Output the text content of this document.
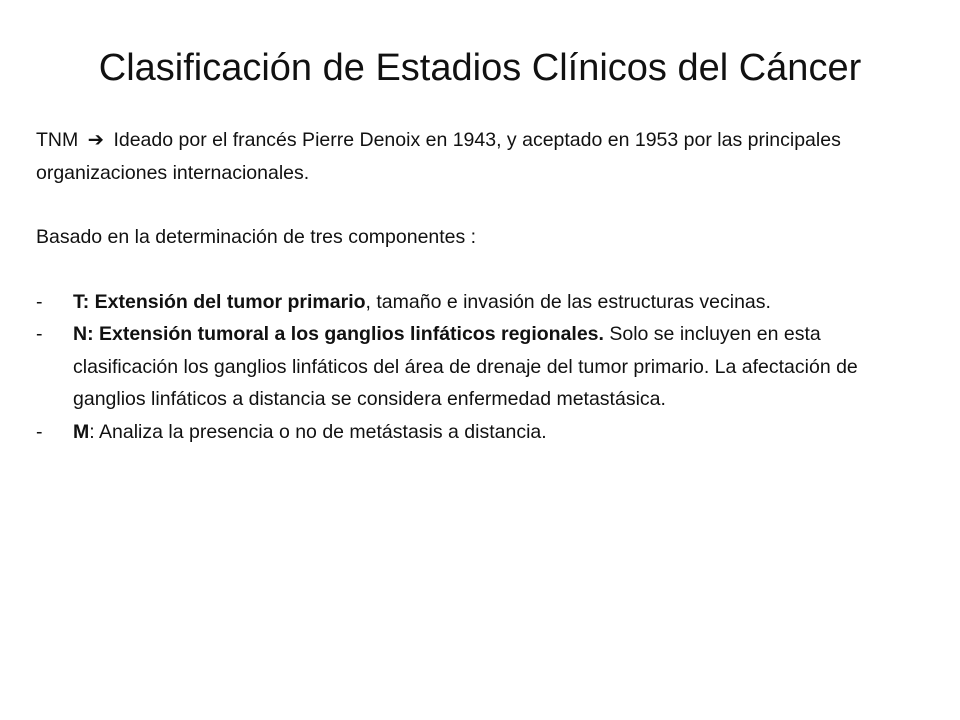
Clasificación de Estadios Clínicos del Cáncer

TNM ➔ Ideado por el francés Pierre Denoix en 1943, y aceptado en 1953 por las principales organizaciones internacionales.

Basado en la determinación de tres componentes :

- T: Extensión del tumor primario, tamaño e invasión de las estructuras vecinas.
- N: Extensión tumoral a los ganglios linfáticos regionales. Solo se incluyen en esta clasificación los ganglios linfáticos del área de drenaje del tumor primario. La afectación de ganglios linfáticos a distancia se considera enfermedad metastásica.
- M: Analiza la presencia o no de metástasis a distancia.
